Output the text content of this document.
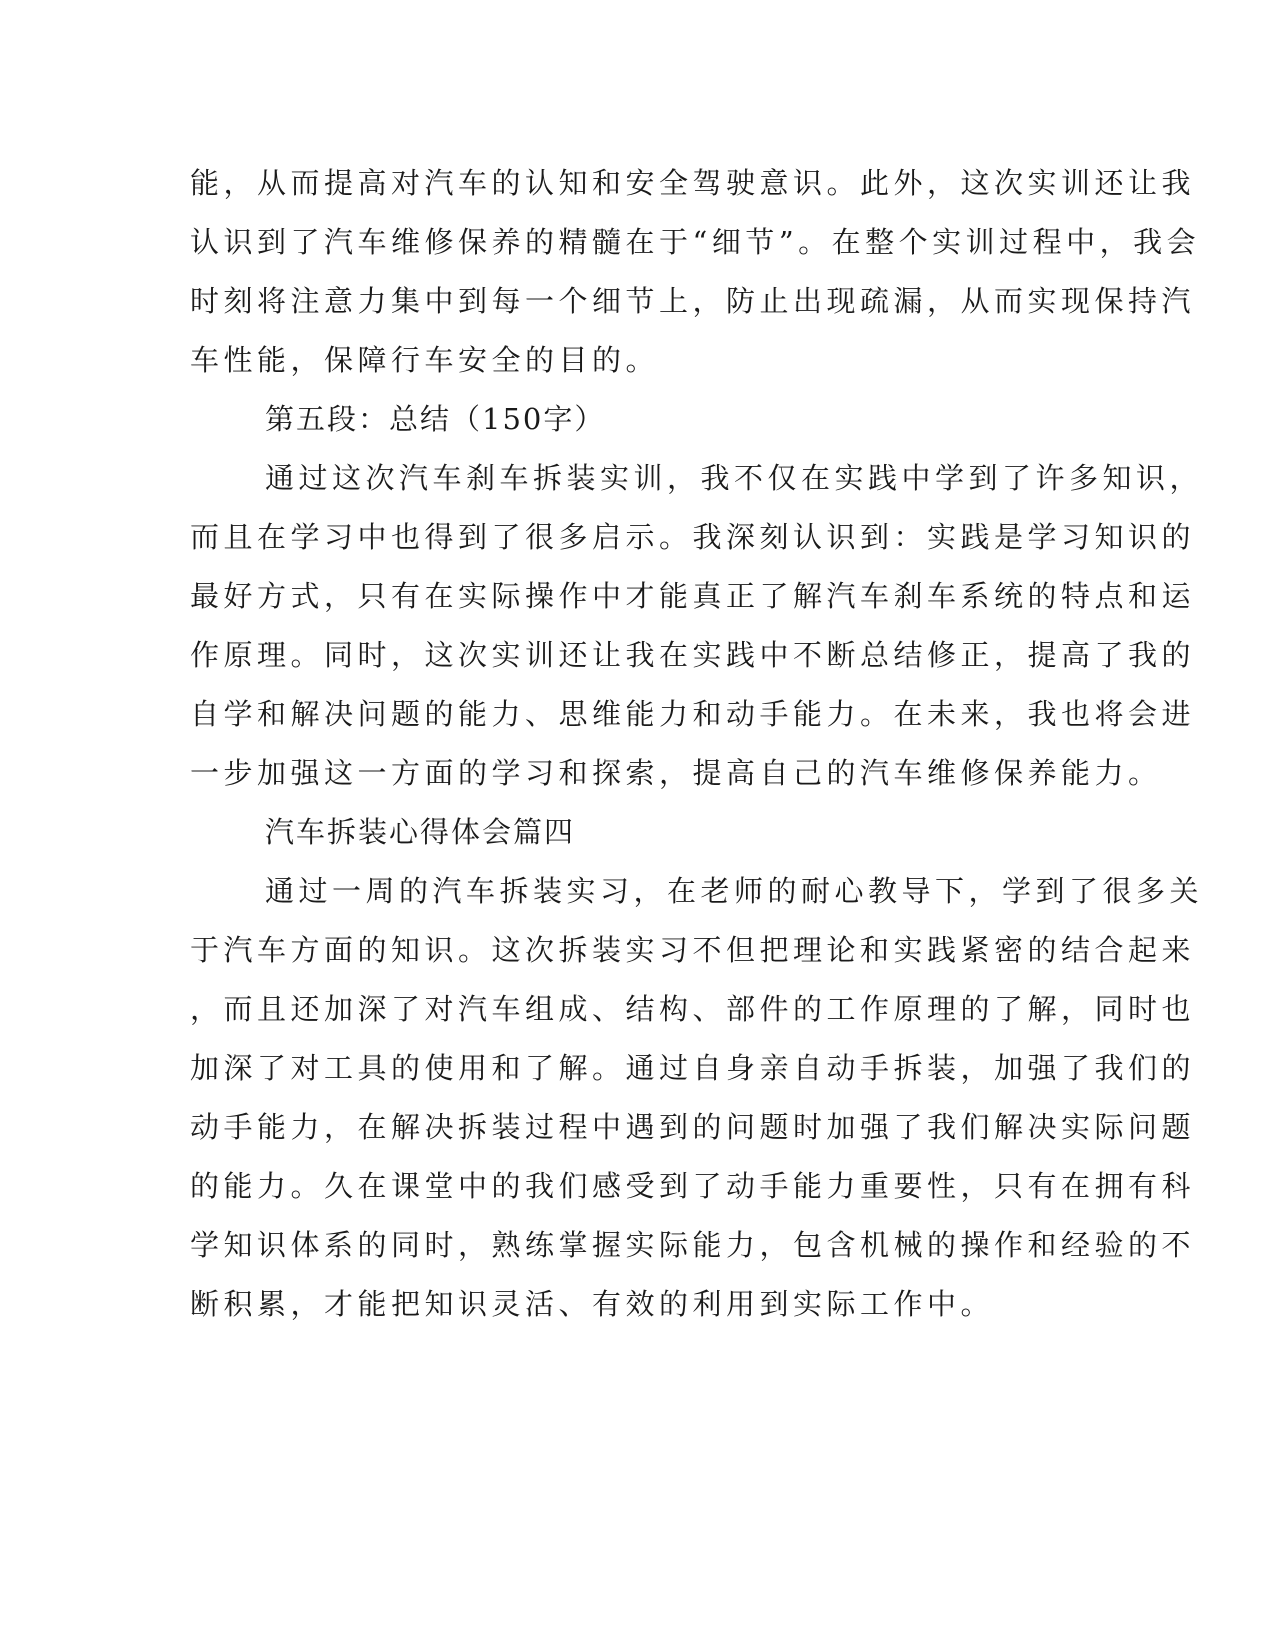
能，从而提高对汽车的认知和安全驾驶意识。此外，这次实训还让我
认识到了汽车维修保养的精髓在于“细节”。在整个实训过程中，我会
时刻将注意力集中到每一个细节上，防止出现疏漏，从而实现保持汽
车性能，保障行车安全的目的。
第五段：总结（150字）
通过这次汽车刹车拆装实训，我不仅在实践中学到了许多知识，
而且在学习中也得到了很多启示。我深刻认识到：实践是学习知识的
最好方式，只有在实际操作中才能真正了解汽车刹车系统的特点和运
作原理。同时，这次实训还让我在实践中不断总结修正，提高了我的
自学和解决问题的能力、思维能力和动手能力。在未来，我也将会进
一步加强这一方面的学习和探索，提高自己的汽车维修保养能力。
汽车拆装心得体会篇四
通过一周的汽车拆装实习，在老师的耐心教导下，学到了很多关
于汽车方面的知识。这次拆装实习不但把理论和实践紧密的结合起来
，而且还加深了对汽车组成、结构、部件的工作原理的了解，同时也
加深了对工具的使用和了解。通过自身亲自动手拆装，加强了我们的
动手能力，在解决拆装过程中遇到的问题时加强了我们解决实际问题
的能力。久在课堂中的我们感受到了动手能力重要性，只有在拥有科
学知识体系的同时，熟练掌握实际能力，包含机械的操作和经验的不
断积累，才能把知识灵活、有效的利用到实际工作中。
